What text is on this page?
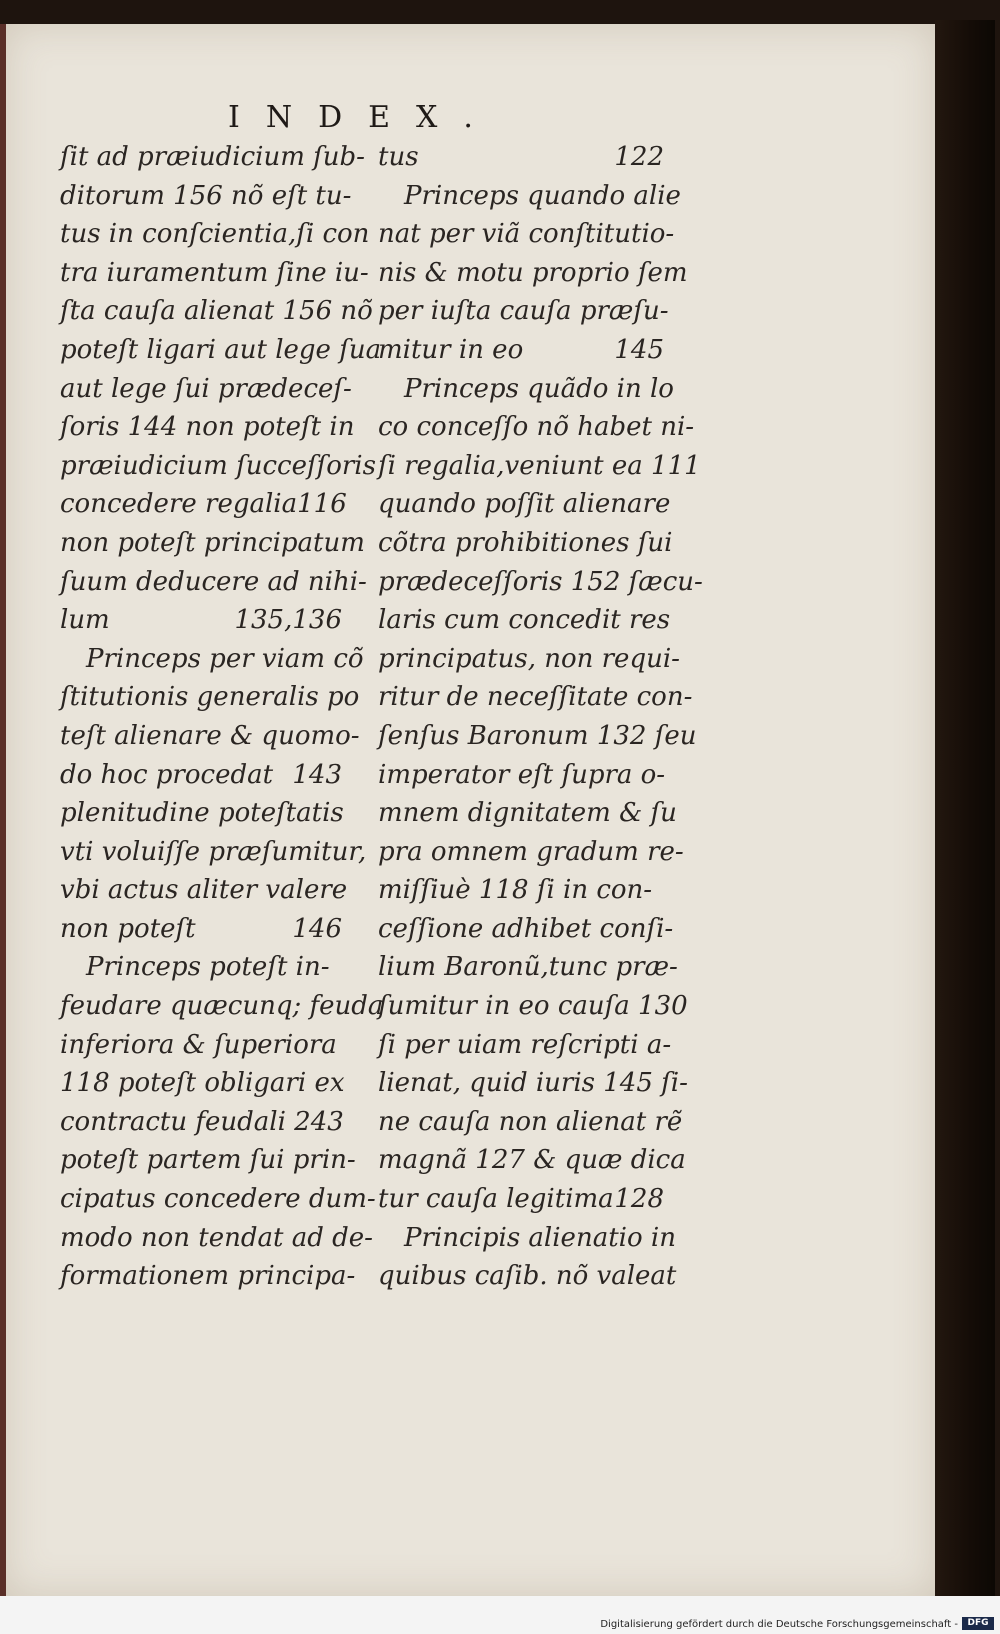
INDEX.
ſit ad præiudicium ſub-
ditorum 156 nõ eſt tu-
tus in conſcientia,ſi con
tra iuramentum ſine iu-
ſta cauſa alienat 156 nõ
poteſt ligari aut lege ſua
aut lege ſui prædeceſ-
ſoris 144 non poteſt in
præiudicium ſucceſſoris
concedere regalia 116
non poteſt principatum
ſuum deducere ad nihi-
lum	135,136
Princeps per viam cõ
ſtitutionis generalis po
teſt alienare & quomo-
do hoc procedat 143
plenitudine poteſtatis
vti voluiſſe præſumitur,
vbi actus aliter valere
non poteſt	146
Princeps poteſt in-
feudare quæcunq; feuda
inferiora & ſuperiora
118 poteſt obligari ex
contractu feudali 243
poteſt partem ſui prin-
cipatus concedere dum-
modo non tendat ad de-
formationem principa-
tus	122
Princeps quando alie
nat per viã conſtitutio-
nis & motu proprio ſem
per iuſta cauſa præſu-
mitur in eo	145
Princeps quãdo in lo
co conceſſo nõ habet ni-
ſi regalia,veniunt ea 111
quando poſſit alienare
cõtra prohibitiones ſui
prædeceſſoris 152 ſæcu-
laris cum concedit res
principatus, non requi-
ritur de neceſſitate con-
ſenſus Baronum 132 ſeu
imperator eſt ſupra o-
mnem dignitatem & ſu
pra omnem gradum re-
miſſiuè 118 ſi in con-
ceſſione adhibet conſi-
lium Baronũ,tunc præ-
ſumitur in eo cauſa 130
ſi per uiam reſcripti a-
lienat, quid iuris 145 ſi-
ne cauſa non alienat rẽ
magnã 127 & quæ dica
tur cauſa legitima 128
Principis alienatio in
quibus caſib. nõ valeat
Digitalisierung gefördert durch die Deutsche Forschungsgemeinschaft -	DFG
